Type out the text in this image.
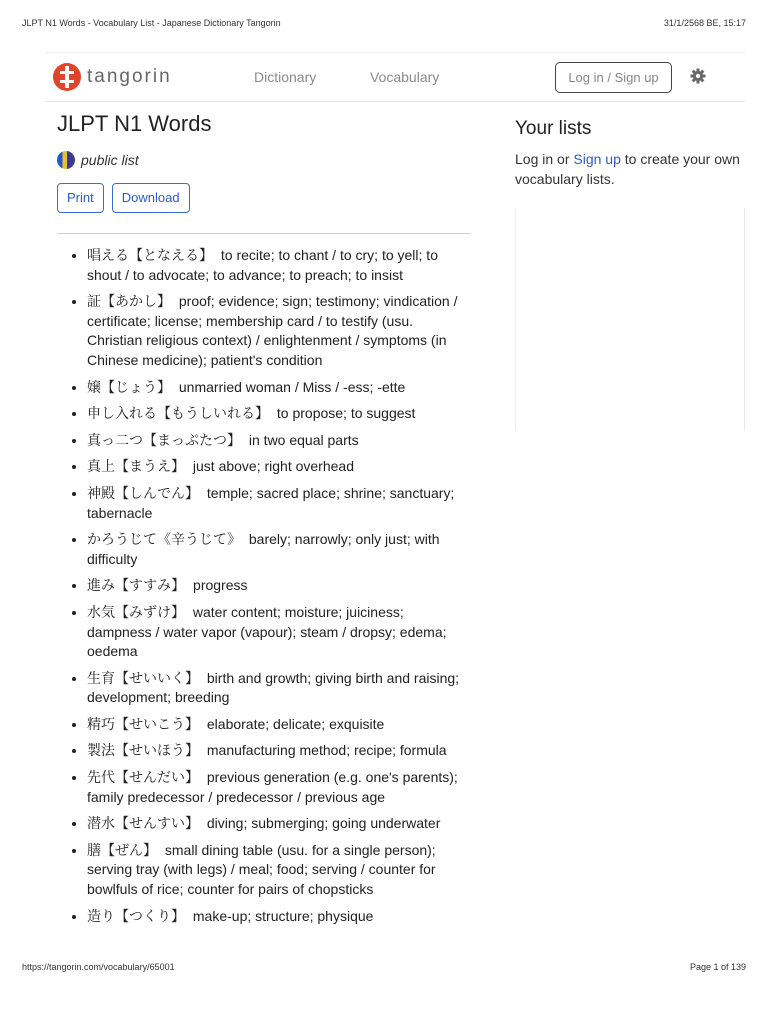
JLPT N1 Words - Vocabulary List - Japanese Dictionary Tangorin	31/1/2568 BE, 15:17
tangorin	Dictionary	Vocabulary	Log in / Sign up
JLPT N1 Words
public list
Print	Download
• 唱える【となえる】 to recite; to chant / to cry; to yell; to shout / to advocate; to advance; to preach; to insist
• 証【あかし】 proof; evidence; sign; testimony; vindication / certificate; license; membership card / to testify (usu. Christian religious context) / enlightenment / symptoms (in Chinese medicine); patient's condition
• 嬢【じょう】 unmarried woman / Miss / -ess; -ette
• 申し入れる【もうしいれる】 to propose; to suggest
• 真っ二つ【まっぷたつ】 in two equal parts
• 真上【まうえ】 just above; right overhead
• 神殿【しんでん】 temple; sacred place; shrine; sanctuary; tabernacle
• かろうじて《辛うじて》 barely; narrowly; only just; with difficulty
• 進み【すすみ】 progress
• 水気【みずけ】 water content; moisture; juiciness; dampness / water vapor (vapour); steam / dropsy; edema; oedema
• 生育【せいいく】 birth and growth; giving birth and raising; development; breeding
• 精巧【せいこう】 elaborate; delicate; exquisite
• 製法【せいほう】 manufacturing method; recipe; formula
• 先代【せんだい】 previous generation (e.g. one's parents); family predecessor / predecessor / previous age
• 潜水【せんすい】 diving; submerging; going underwater
• 膳【ぜん】 small dining table (usu. for a single person); serving tray (with legs) / meal; food; serving / counter for bowlfuls of rice; counter for pairs of chopsticks
• 造り【つくり】 make-up; structure; physique
Your lists

Log in or Sign up to create your own vocabulary lists.

https://tangorin.com/vocabulary/65001	Page 1 of 139
